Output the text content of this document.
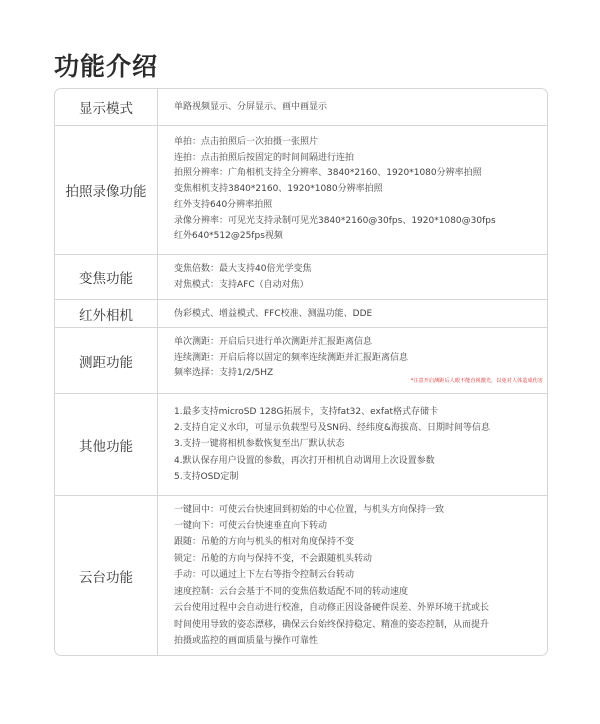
功能介绍
显示模式	单路视频显示、分屏显示、画中画显示
拍照录像功能
单拍：点击拍照后一次拍摄一张照片
连拍：点击拍照后按固定的时间间隔进行连拍
拍照分辨率：广角相机支持全分辨率、3840*2160、1920*1080分辨率拍照
变焦相机支持3840*2160、1920*1080分辨率拍照
红外支持640分辨率拍照
录像分辨率：可见光支持录制可见光3840*2160@30fps、1920*1080@30fps
红外640*512@25fps视频
变焦功能
变焦倍数：最大支持40倍光学变焦
对焦模式：支持AFC（自动对焦）
红外相机	伪彩模式、增益模式、FFC校准、测温功能、DDE
测距功能
单次测距：开启后只进行单次测距并汇报距离信息
连续测距：开启后将以固定的频率连续测距并汇报距离信息
频率选择：支持1/2/5HZ
*注意开启测距后人眼不能直视激光，以免对人体造成伤害
其他功能
1.最多支持microSD 128G拓展卡，支持fat32、exfat格式存储卡
2.支持自定义水印，可显示负载型号及SN码、经纬度&海拔高、日期时间等信息
3.支持一键将相机参数恢复至出厂默认状态
4.默认保存用户设置的参数，再次打开相机自动调用上次设置参数
5.支持OSD定制
云台功能
一键回中：可使云台快速回到初始的中心位置，与机头方向保持一致
一键向下：可使云台快速垂直向下转动
跟随：吊舱的方向与机头的相对角度保持不变
锁定：吊舱的方向与保持不变，不会跟随机头转动
手动：可以通过上下左右等指令控制云台转动
速度控制：云台会基于不同的变焦倍数适配不同的转动速度
云台使用过程中会自动进行校准，自动修正因设备硬件误差、外界环境干扰或长
时间使用导致的姿态漂移，确保云台始终保持稳定、精准的姿态控制，从而提升
拍摄或监控的画面质量与操作可靠性
